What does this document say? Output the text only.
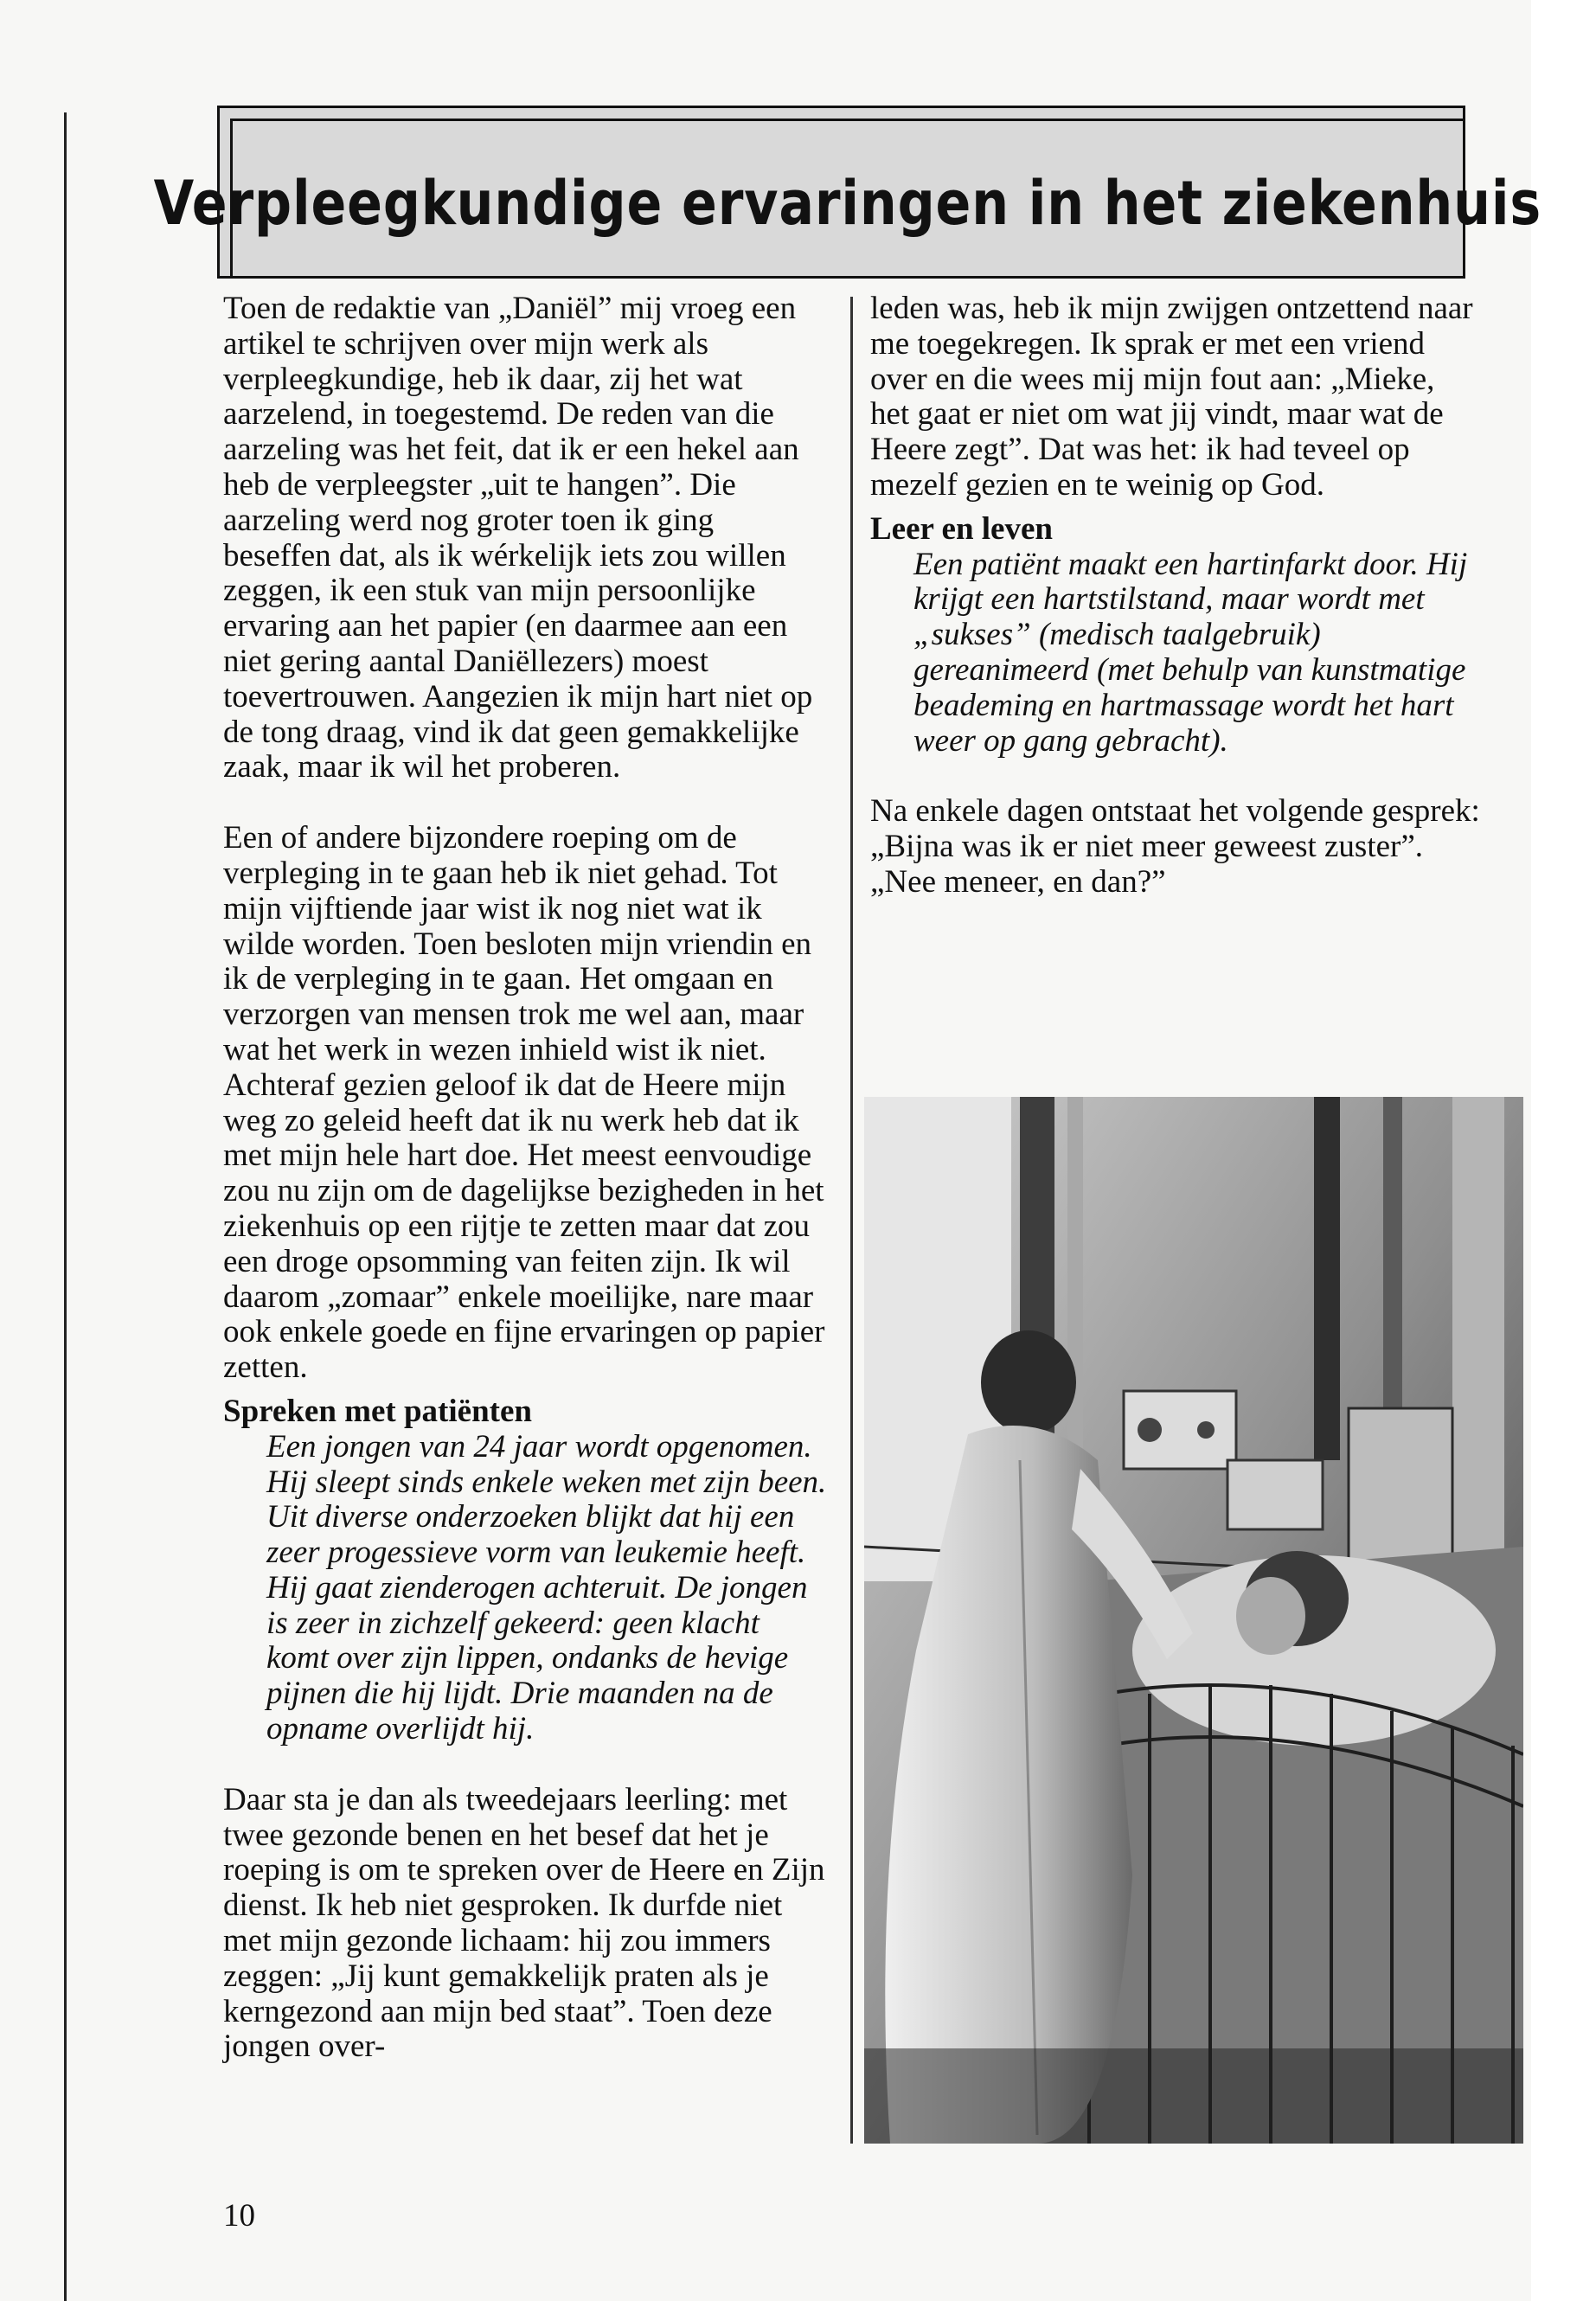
Verpleegkundige ervaringen in het ziekenhuis

Toen de redaktie van „Daniël” mij vroeg een artikel te schrijven over mijn werk als verpleegkundige, heb ik daar, zij het wat aarzelend, in toegestemd. De reden van die aarzeling was het feit, dat ik er een hekel aan heb de verpleegster „uit te hangen”. Die aarzeling werd nog groter toen ik ging beseffen dat, als ik wérkelijk iets zou willen zeggen, ik een stuk van mijn persoonlijke ervaring aan het papier (en daarmee aan een niet gering aantal Daniëllezers) moest toevertrouwen. Aangezien ik mijn hart niet op de tong draag, vind ik dat geen gemakkelijke zaak, maar ik wil het proberen.

Een of andere bijzondere roeping om de verpleging in te gaan heb ik niet gehad. Tot mijn vijftiende jaar wist ik nog niet wat ik wilde worden. Toen besloten mijn vriendin en ik de verpleging in te gaan. Het omgaan en verzorgen van mensen trok me wel aan, maar wat het werk in wezen inhield wist ik niet. Achteraf gezien geloof ik dat de Heere mijn weg zo geleid heeft dat ik nu werk heb dat ik met mijn hele hart doe. Het meest eenvoudige zou nu zijn om de dagelijkse bezigheden in het ziekenhuis op een rijtje te zetten maar dat zou een droge opsomming van feiten zijn. Ik wil daarom „zomaar” enkele moeilijke, nare maar ook enkele goede en fijne ervaringen op papier zetten.

Spreken met patiënten

Een jongen van 24 jaar wordt opgenomen. Hij sleept sinds enkele weken met zijn been. Uit diverse onderzoeken blijkt dat hij een zeer progessieve vorm van leukemie heeft. Hij gaat zienderogen achteruit. De jongen is zeer in zichzelf gekeerd: geen klacht komt over zijn lippen, ondanks de hevige pijnen die hij lijdt. Drie maanden na de opname overlijdt hij.

Daar sta je dan als tweedejaars leerling: met twee gezonde benen en het besef dat het je roeping is om te spreken over de Heere en Zijn dienst. Ik heb niet gesproken. Ik durfde niet met mijn gezonde lichaam: hij zou immers zeggen: „Jij kunt gemakkelijk praten als je kerngezond aan mijn bed staat”. Toen deze jongen over-

leden was, heb ik mijn zwijgen ontzettend naar me toegekregen. Ik sprak er met een vriend over en die wees mij mijn fout aan: „Mieke, het gaat er niet om wat jij vindt, maar wat de Heere zegt”. Dat was het: ik had teveel op mezelf gezien en te weinig op God.

Leer en leven

Een patiënt maakt een hartinfarkt door. Hij krijgt een hartstilstand, maar wordt met „sukses” (medisch taalgebruik) gereanimeerd (met behulp van kunstmatige beademing en hartmassage wordt het hart weer op gang gebracht).

Na enkele dagen ontstaat het volgende gesprek: „Bijna was ik er niet meer geweest zuster”. „Nee meneer, en dan?”

10
